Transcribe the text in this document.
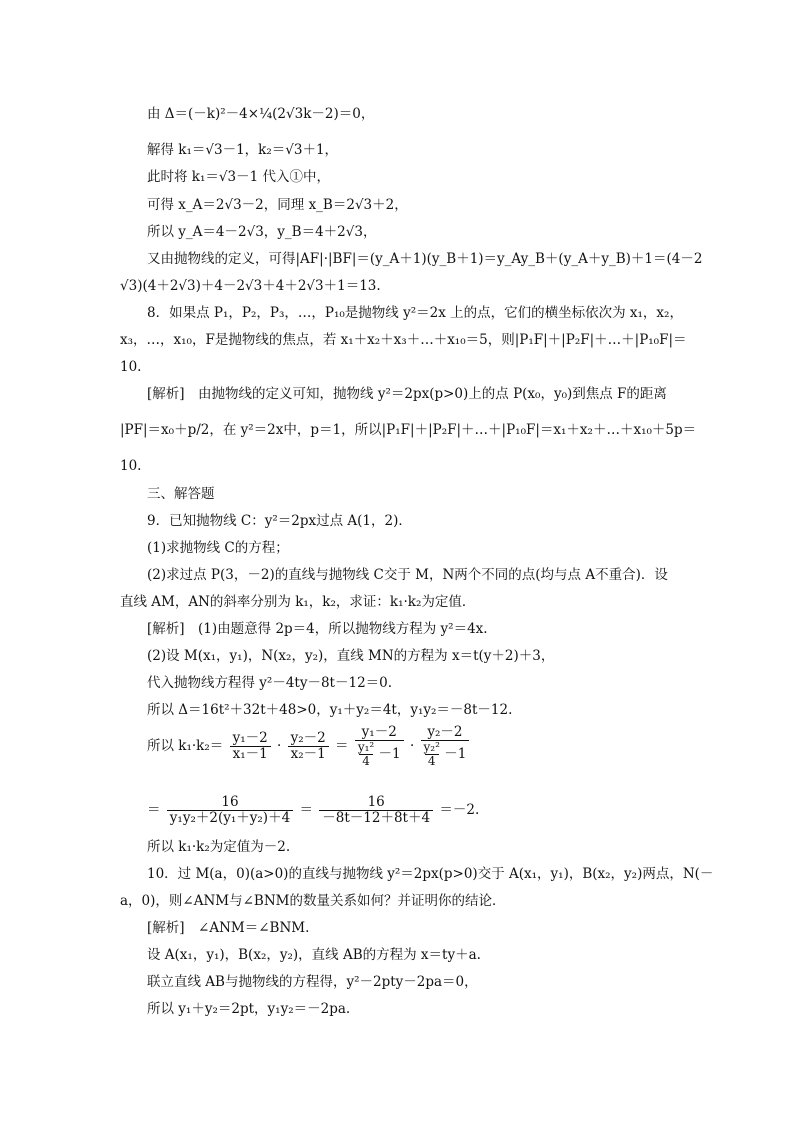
由 Δ＝(－k)²－4×¼(2√3k－2)＝0，
解得 k₁＝√3－1，k₂＝√3＋1，
此时将 k₁＝√3－1 代入①中，
可得 x_A＝2√3－2，同理 x_B＝2√3＋2，
所以 y_A＝4－2√3，y_B＝4＋2√3，
又由抛物线的定义，可得|AF|·|BF|＝(y_A＋1)(y_B＋1)＝y_Ay_B＋(y_A＋y_B)＋1＝(4－2
√3)(4＋2√3)＋4－2√3＋4＋2√3＋1＝13.
8．如果点 P₁，P₂，P₃，…，P₁₀是抛物线 y²＝2x 上的点，它们的横坐标依次为 x₁，x₂，
x₃，…，x₁₀，F是抛物线的焦点，若 x₁＋x₂＋x₃＋…＋x₁₀＝5，则|P₁F|＋|P₂F|＋…＋|P₁₀F|＝
10.
[解析]　由抛物线的定义可知，抛物线 y²＝2px(p>0)上的点 P(x₀，y₀)到焦点 F的距离
|PF|＝x₀＋p/2，在 y²＝2x中，p＝1，所以|P₁F|＋|P₂F|＋…＋|P₁₀F|＝x₁＋x₂＋…＋x₁₀＋5p＝
10.
三、解答题
9．已知抛物线 C：y²＝2px过点 A(1，2)．
(1)求抛物线 C的方程；
(2)求过点 P(3，－2)的直线与抛物线 C交于 M，N两个不同的点(均与点 A不重合)．设
直线 AM，AN的斜率分别为 k₁，k₂，求证：k₁·k₂为定值．
[解析]　(1)由题意得 2p＝4，所以抛物线方程为 y²＝4x.
(2)设 M(x₁，y₁)，N(x₂，y₂)，直线 MN的方程为 x＝t(y＋2)＋3，
代入抛物线方程得 y²－4ty－8t－12＝0.
所以 Δ＝16t²＋32t＋48>0，y₁＋y₂＝4t，y₁y₂＝－8t－12.
所以 k₁·k₂为定值为－2.
10．过 M(a，0)(a>0)的直线与抛物线 y²＝2px(p>0)交于 A(x₁，y₁)，B(x₂，y₂)两点，N(－
a，0)，则∠ANM与∠BNM的数量关系如何？并证明你的结论．
[解析]　∠ANM＝∠BNM.
设 A(x₁，y₁)，B(x₂，y₂)，直线 AB的方程为 x＝ty＋a.
联立直线 AB与抛物线的方程得，y²－2pty－2pa＝0，
所以 y₁＋y₂＝2pt，y₁y₂＝－2pa.
所以 $k_1\cdot k_2= \frac{\text{y₁－2}}{\text{x₁－1}} \cdot \frac{\text{y₂－2}}{\text{x₂－1}} = \frac{\text{y₁－2}}{\frac{\text{y₁²}}{4} -1} \cdot \frac{\text{y₂－2}}{\frac{\text{y₂²}}{4} -1}$
＝ $\frac{16}{\text{y₁y₂＋2(y₁＋y₂)＋4}} = \frac{16}{-8t-12+8t+4} =-2$.
